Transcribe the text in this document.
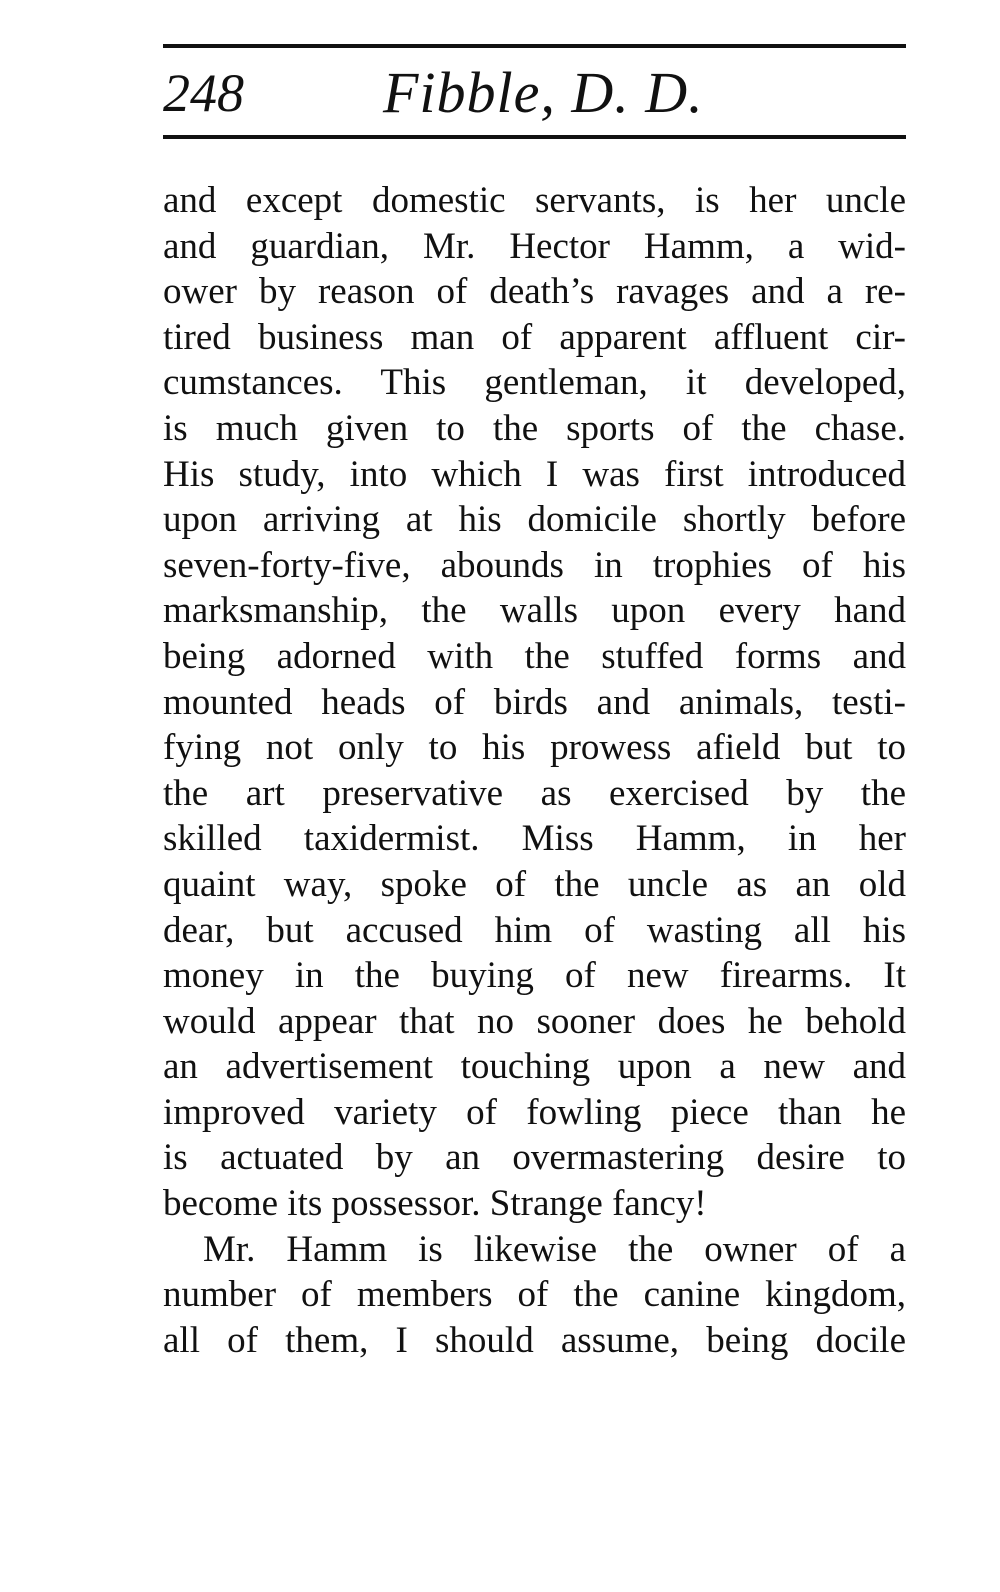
248 Fibble, D. D.
and except domestic servants, is her uncle
and guardian, Mr. Hector Hamm, a wid-
ower by reason of death’s ravages and a re-
tired business man of apparent affluent cir-
cumstances. This gentleman, it developed,
is much given to the sports of the chase.
His study, into which I was first introduced
upon arriving at his domicile shortly before
seven-forty-five, abounds in trophies of his
marksmanship, the walls upon every hand
being adorned with the stuffed forms and
mounted heads of birds and animals, testi-
fying not only to his prowess afield but to
the art preservative as exercised by the
skilled taxidermist. Miss Hamm, in her
quaint way, spoke of the uncle as an old
dear, but accused him of wasting all his
money in the buying of new firearms. It
would appear that no sooner does he behold
an advertisement touching upon a new and
improved variety of fowling piece than he
is actuated by an overmastering desire to
become its possessor. Strange fancy!
Mr. Hamm is likewise the owner of a
number of members of the canine kingdom,
all of them, I should assume, being docile
